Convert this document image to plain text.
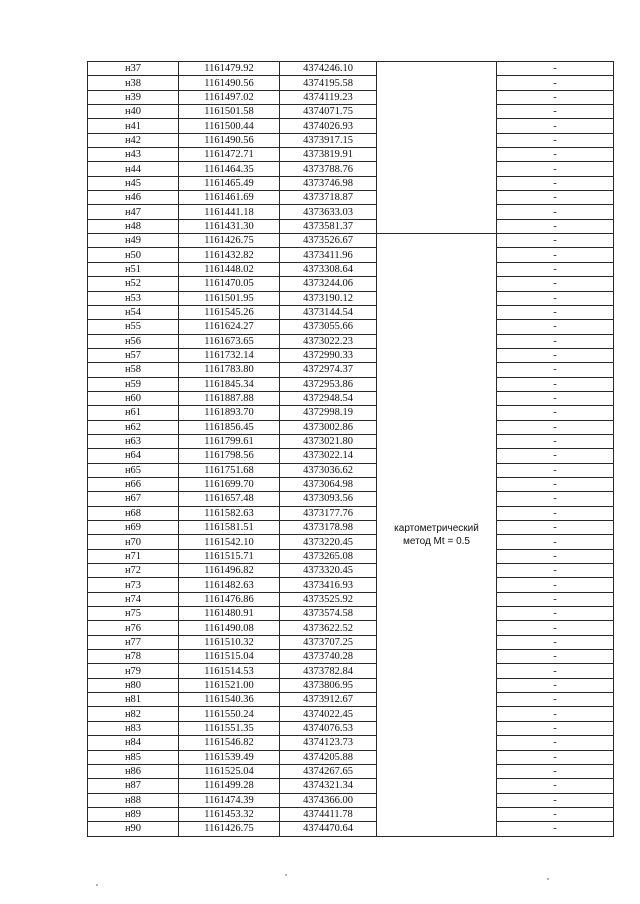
н37	1161479.92	4374246.10		-
н38	1161490.56	4374195.58		-
н39	1161497.02	4374119.23		-
н40	1161501.58	4374071.75		-
н41	1161500.44	4374026.93		-
н42	1161490.56	4373917.15		-
н43	1161472.71	4373819.91		-
н44	1161464.35	4373788.76		-
н45	1161465.49	4373746.98		-
н46	1161461.69	4373718.87		-
н47	1161441.18	4373633.03		-
н48	1161431.30	4373581.37		-
н49	1161426.75	4373526.67	картометрический
метод Mt = 0.5	-
н50	1161432.82	4373411.96		-
н51	1161448.02	4373308.64		-
н52	1161470.05	4373244.06		-
н53	1161501.95	4373190.12		-
н54	1161545.26	4373144.54		-
н55	1161624.27	4373055.66		-
н56	1161673.65	4373022.23		-
н57	1161732.14	4372990.33		-
н58	1161783.80	4372974.37		-
н59	1161845.34	4372953.86		-
н60	1161887.88	4372948.54		-
н61	1161893.70	4372998.19		-
н62	1161856.45	4373002.86		-
н63	1161799.61	4373021.80		-
н64	1161798.56	4373022.14		-
н65	1161751.68	4373036.62		-
н66	1161699.70	4373064.98		-
н67	1161657.48	4373093.56		-
н68	1161582.63	4373177.76		-
н69	1161581.51	4373178.98		-
н70	1161542.10	4373220.45		-
н71	1161515.71	4373265.08		-
н72	1161496.82	4373320.45		-
н73	1161482.63	4373416.93		-
н74	1161476.86	4373525.92		-
н75	1161480.91	4373574.58		-
н76	1161490.08	4373622.52		-
н77	1161510.32	4373707.25		-
н78	1161515.04	4373740.28		-
н79	1161514.53	4373782.84		-
н80	1161521.00	4373806.95		-
н81	1161540.36	4373912.67		-
н82	1161550.24	4374022.45		-
н83	1161551.35	4374076.53		-
н84	1161546.82	4374123.73		-
н85	1161539.49	4374205.88		-
н86	1161525.04	4374267.65		-
н87	1161499.28	4374321.34		-
н88	1161474.39	4374366.00		-
н89	1161453.32	4374411.78		-
н90	1161426.75	4374470.64		-
